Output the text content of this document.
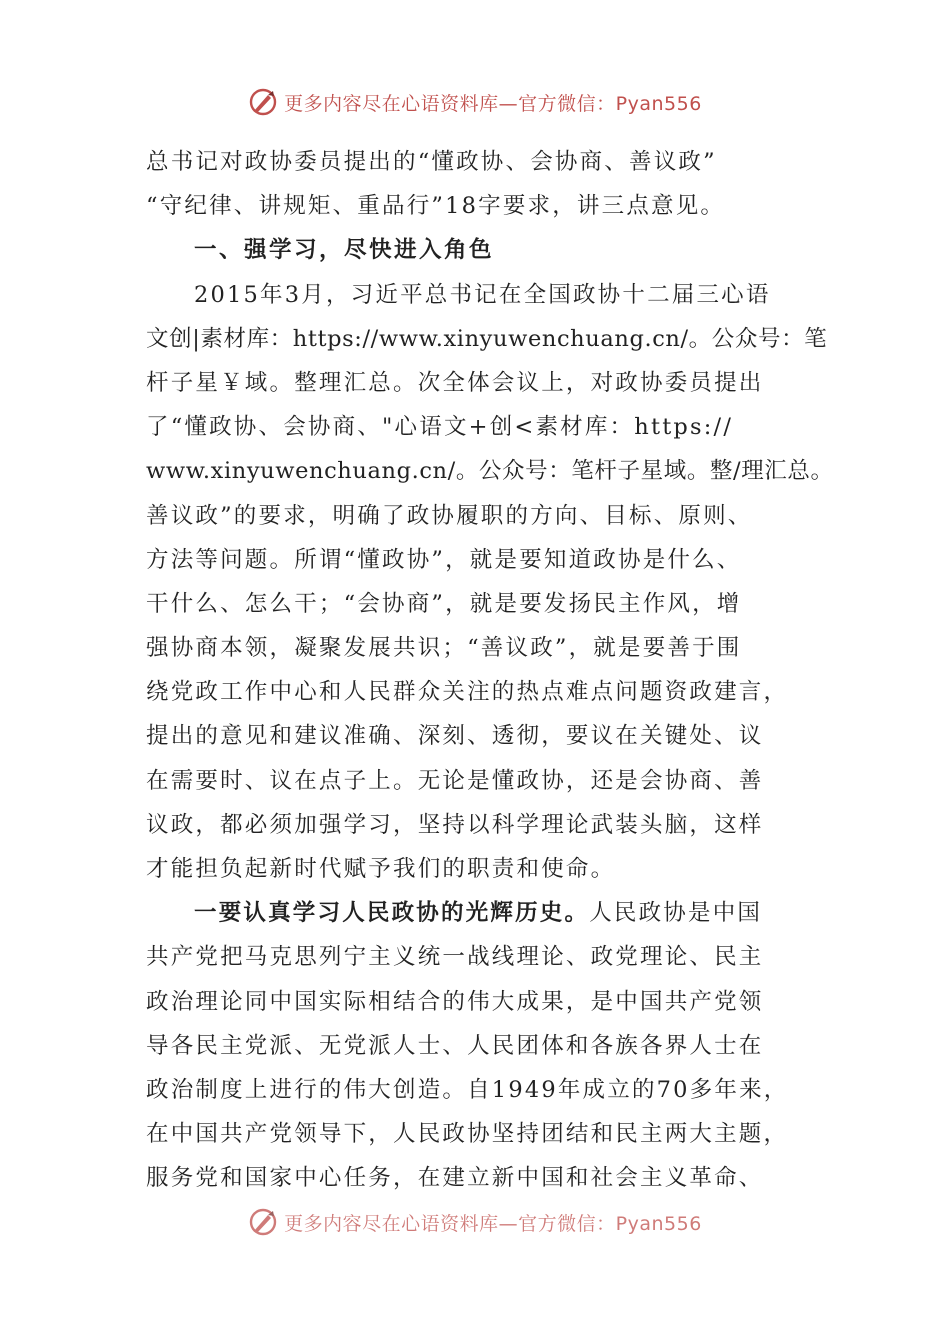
更多内容尽在心语资料库—官方微信：Pyan556
总书记对政协委员提出的“懂政协、会协商、善议政”
“守纪律、讲规矩、重品行”18字要求，讲三点意见。
一、强学习，尽快进入角色
2015年3月，习近平总书记在全国政协十二届三心语
文创|素材库：https://www.xinyuwenchuang.cn/。公众号：笔
杆子星￥域。整理汇总。次全体会议上，对政协委员提出
了“懂政协、会协商、"心语文+创<素材库：https://
www.xinyuwenchuang.cn/。公众号：笔杆子星域。整/理汇总。
善议政”的要求，明确了政协履职的方向、目标、原则、
方法等问题。所谓“懂政协”，就是要知道政协是什么、
干什么、怎么干；“会协商”，就是要发扬民主作风，增
强协商本领，凝聚发展共识；“善议政”，就是要善于围
绕党政工作中心和人民群众关注的热点难点问题资政建言，
提出的意见和建议准确、深刻、透彻，要议在关键处、议
在需要时、议在点子上。无论是懂政协，还是会协商、善
议政，都必须加强学习，坚持以科学理论武装头脑，这样
才能担负起新时代赋予我们的职责和使命。
一要认真学习人民政协的光辉历史。人民政协是中国
共产党把马克思列宁主义统一战线理论、政党理论、民主
政治理论同中国实际相结合的伟大成果，是中国共产党领
导各民主党派、无党派人士、人民团体和各族各界人士在
政治制度上进行的伟大创造。自1949年成立的70多年来，
在中国共产党领导下，人民政协坚持团结和民主两大主题，
服务党和国家中心任务，在建立新中国和社会主义革命、
更多内容尽在心语资料库—官方微信：Pyan556
